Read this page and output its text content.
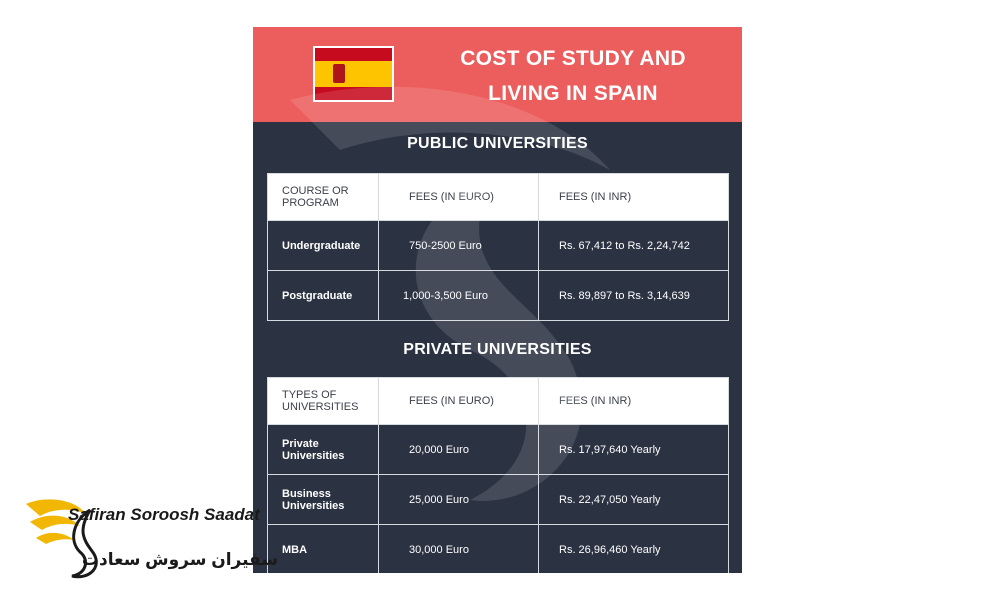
COST OF STUDY AND
LIVING IN SPAIN
PUBLIC UNIVERSITIES
COURSE OR PROGRAM	FEES (IN EURO)	FEES (IN INR)
Undergraduate	750-2500 Euro	Rs. 67,412 to Rs. 2,24,742
Postgraduate	1,000-3,500 Euro	Rs. 89,897 to Rs. 3,14,639
PRIVATE UNIVERSITIES
TYPES OF UNIVERSITIES	FEES (IN EURO)	FEES (IN INR)
Private Universities	20,000 Euro	Rs. 17,97,640 Yearly
Business Universities	25,000 Euro	Rs. 22,47,050 Yearly
MBA	30,000 Euro	Rs. 26,96,460 Yearly
Safiran Soroosh Saadat
سفیران سروش سعادت
